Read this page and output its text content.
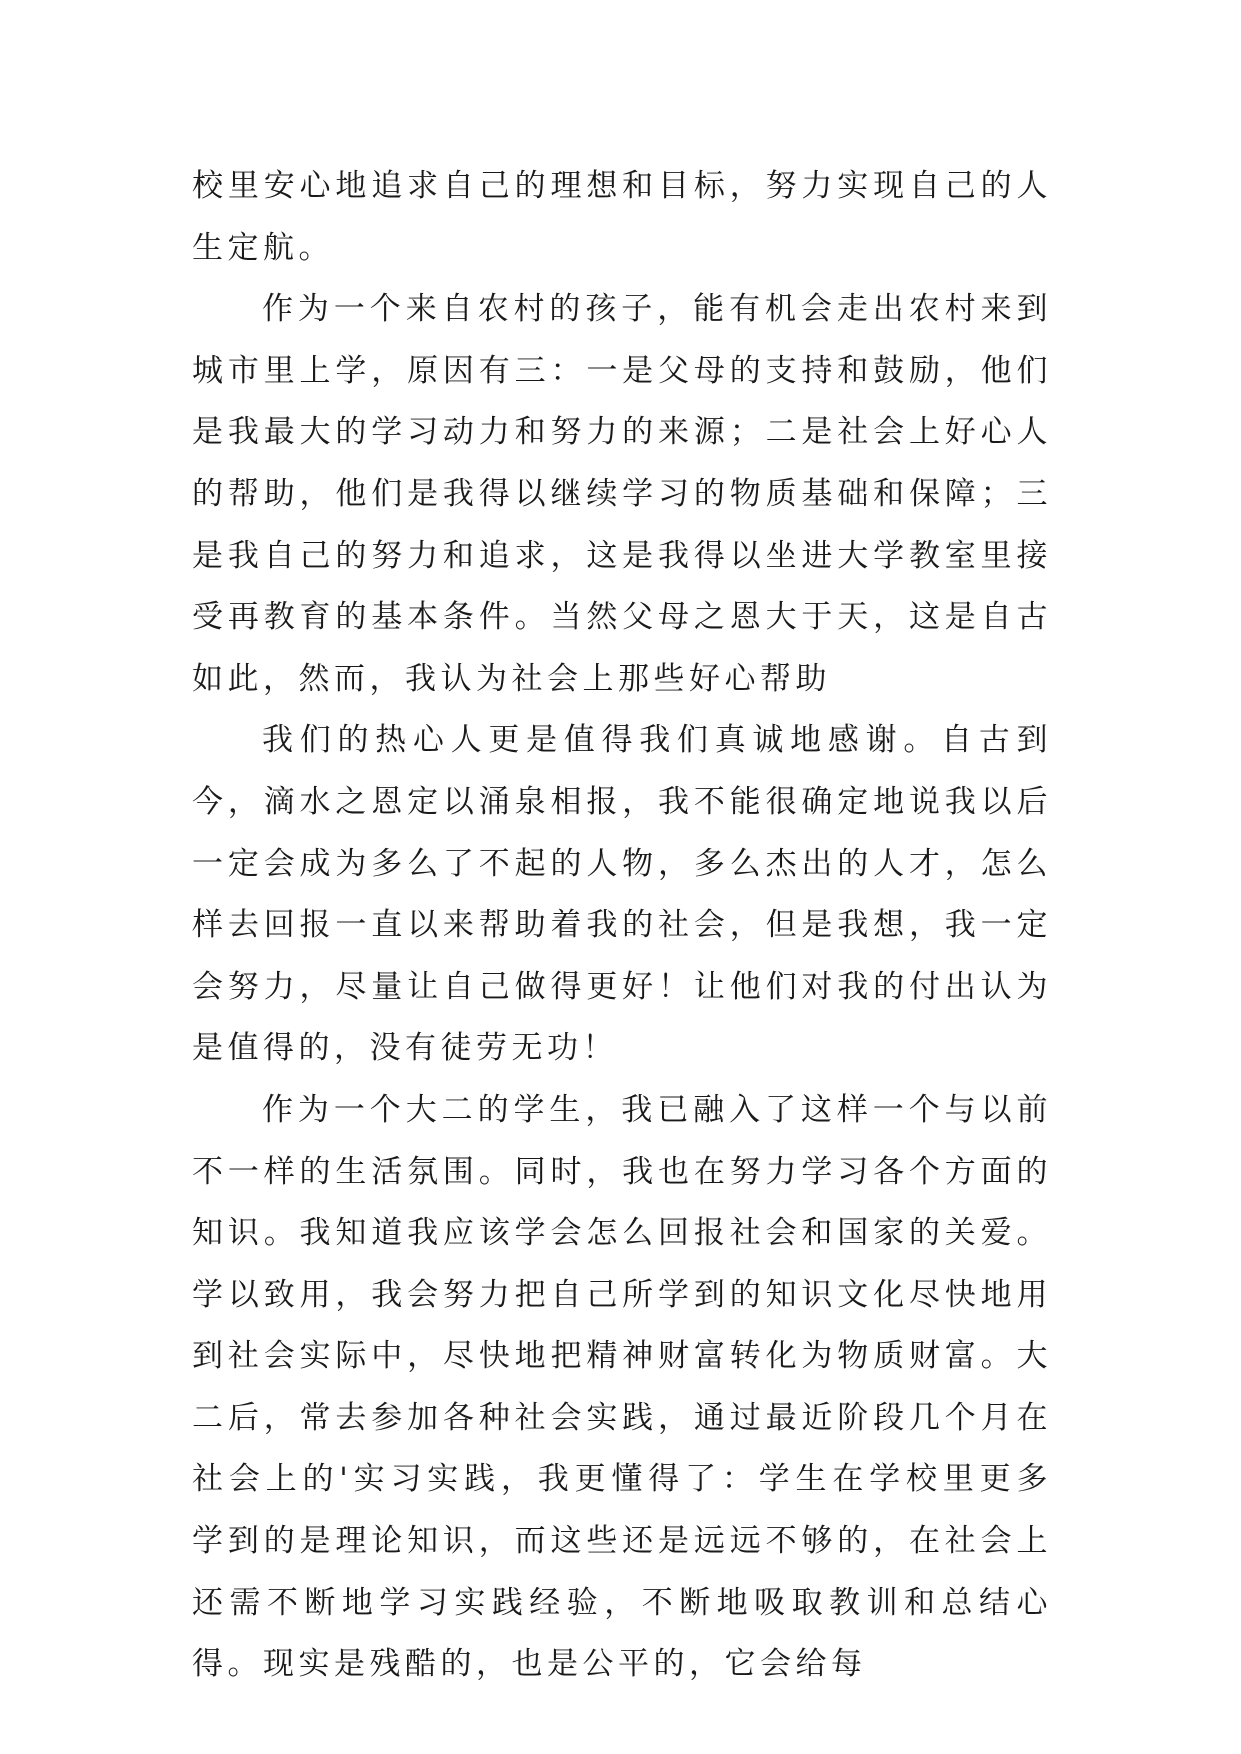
校里安心地追求自己的理想和目标，努力实现自己的人生定航。

作为一个来自农村的孩子，能有机会走出农村来到城市里上学，原因有三：一是父母的支持和鼓励，他们是我最大的学习动力和努力的来源；二是社会上好心人的帮助，他们是我得以继续学习的物质基础和保障；三是我自己的努力和追求，这是我得以坐进大学教室里接受再教育的基本条件。当然父母之恩大于天，这是自古如此，然而，我认为社会上那些好心帮助

我们的热心人更是值得我们真诚地感谢。自古到今，滴水之恩定以涌泉相报，我不能很确定地说我以后一定会成为多么了不起的人物，多么杰出的人才，怎么样去回报一直以来帮助着我的社会，但是我想，我一定会努力，尽量让自己做得更好！让他们对我的付出认为是值得的，没有徒劳无功！

作为一个大二的学生，我已融入了这样一个与以前不一样的生活氛围。同时，我也在努力学习各个方面的知识。我知道我应该学会怎么回报社会和国家的关爱。学以致用，我会努力把自己所学到的知识文化尽快地用到社会实际中，尽快地把精神财富转化为物质财富。大二后，常去参加各种社会实践，通过最近阶段几个月在社会上的'实习实践，我更懂得了：学生在学校里更多学到的是理论知识，而这些还是远远不够的，在社会上还需不断地学习实践经验，不断地吸取教训和总结心得。现实是残酷的，也是公平的，它会给每
